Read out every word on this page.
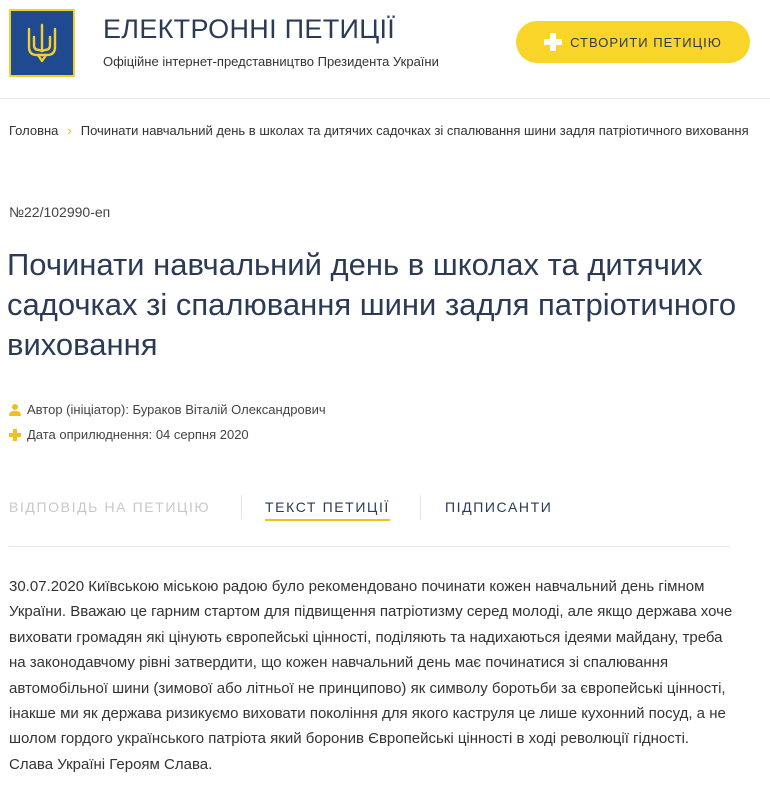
ЕЛЕКТРОННІ ПЕТИЦІЇ
Офіційне інтернет-представництво Президента України
СТВОРИТИ ПЕТИЦІЮ
Головна › Починати навчальний день в школах та дитячих садочках зі спалювання шини задля патріотичного виховання
№22/102990-еп
Починати навчальний день в школах та дитячих садочках зі спалювання шини задля патріотичного виховання
Автор (ініціатор): Бураков Віталій Олександрович
Дата оприлюднення: 04 серпня 2020
ВІДПОВІДЬ НА ПЕТИЦІЮ	ТЕКСТ ПЕТИЦІЇ	ПІДПИСАНТИ

30.07.2020 Київською міською радою було рекомендовано починати кожен навчальний день гімном України. Вважаю це гарним стартом для підвищення патріотизму серед молоді, але якщо держава хоче виховати громадян які цінують європейські цінності, поділяють та надихаються ідеями майдану, треба на законодавчому рівні затвердити, що кожен навчальний день має починатися зі спалювання автомобільної шини (зимової або літньої не принципово) як символу боротьби за європейські цінності, інакше ми як держава ризикуємо виховати покоління для якого каструля це лише кухонний посуд, а не шолом гордого українського патріота який боронив Європейські цінності в ході революції гідності. Слава Україні Героям Слава.
